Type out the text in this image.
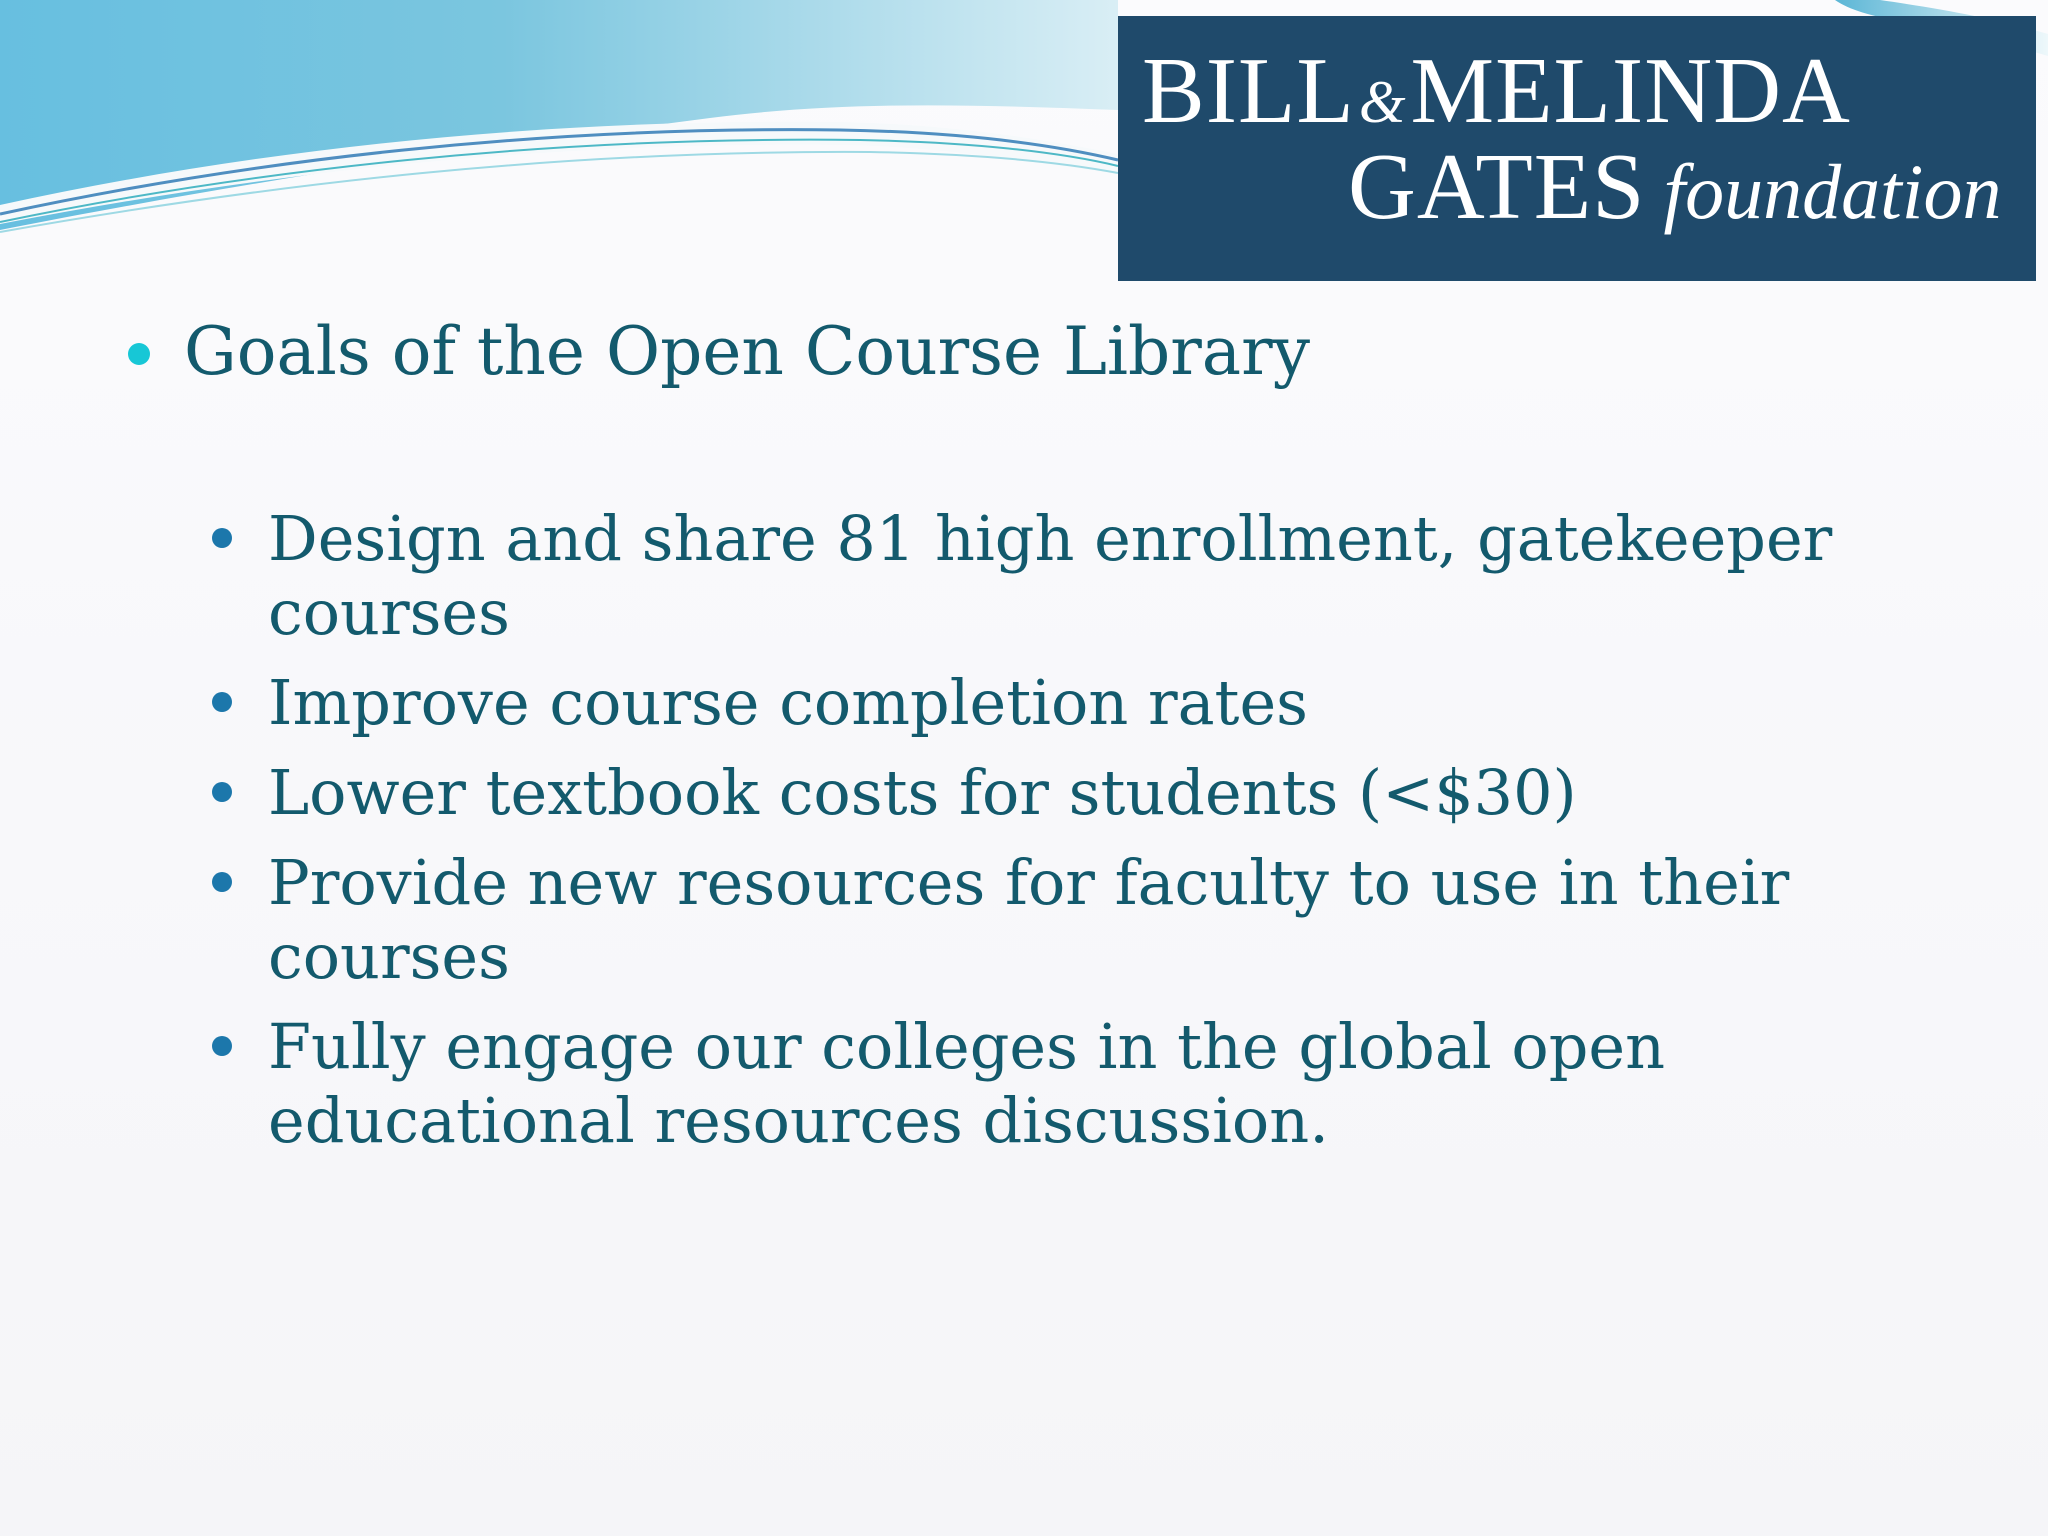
BILL&MELINDA
GATES foundation
Goals of the Open Course Library
Design and share 81 high enrollment, gatekeeper courses
Improve course completion rates
Lower textbook costs for students (<$30)
Provide new resources for faculty to use in their courses
Fully engage our colleges in the global open educational resources discussion.
